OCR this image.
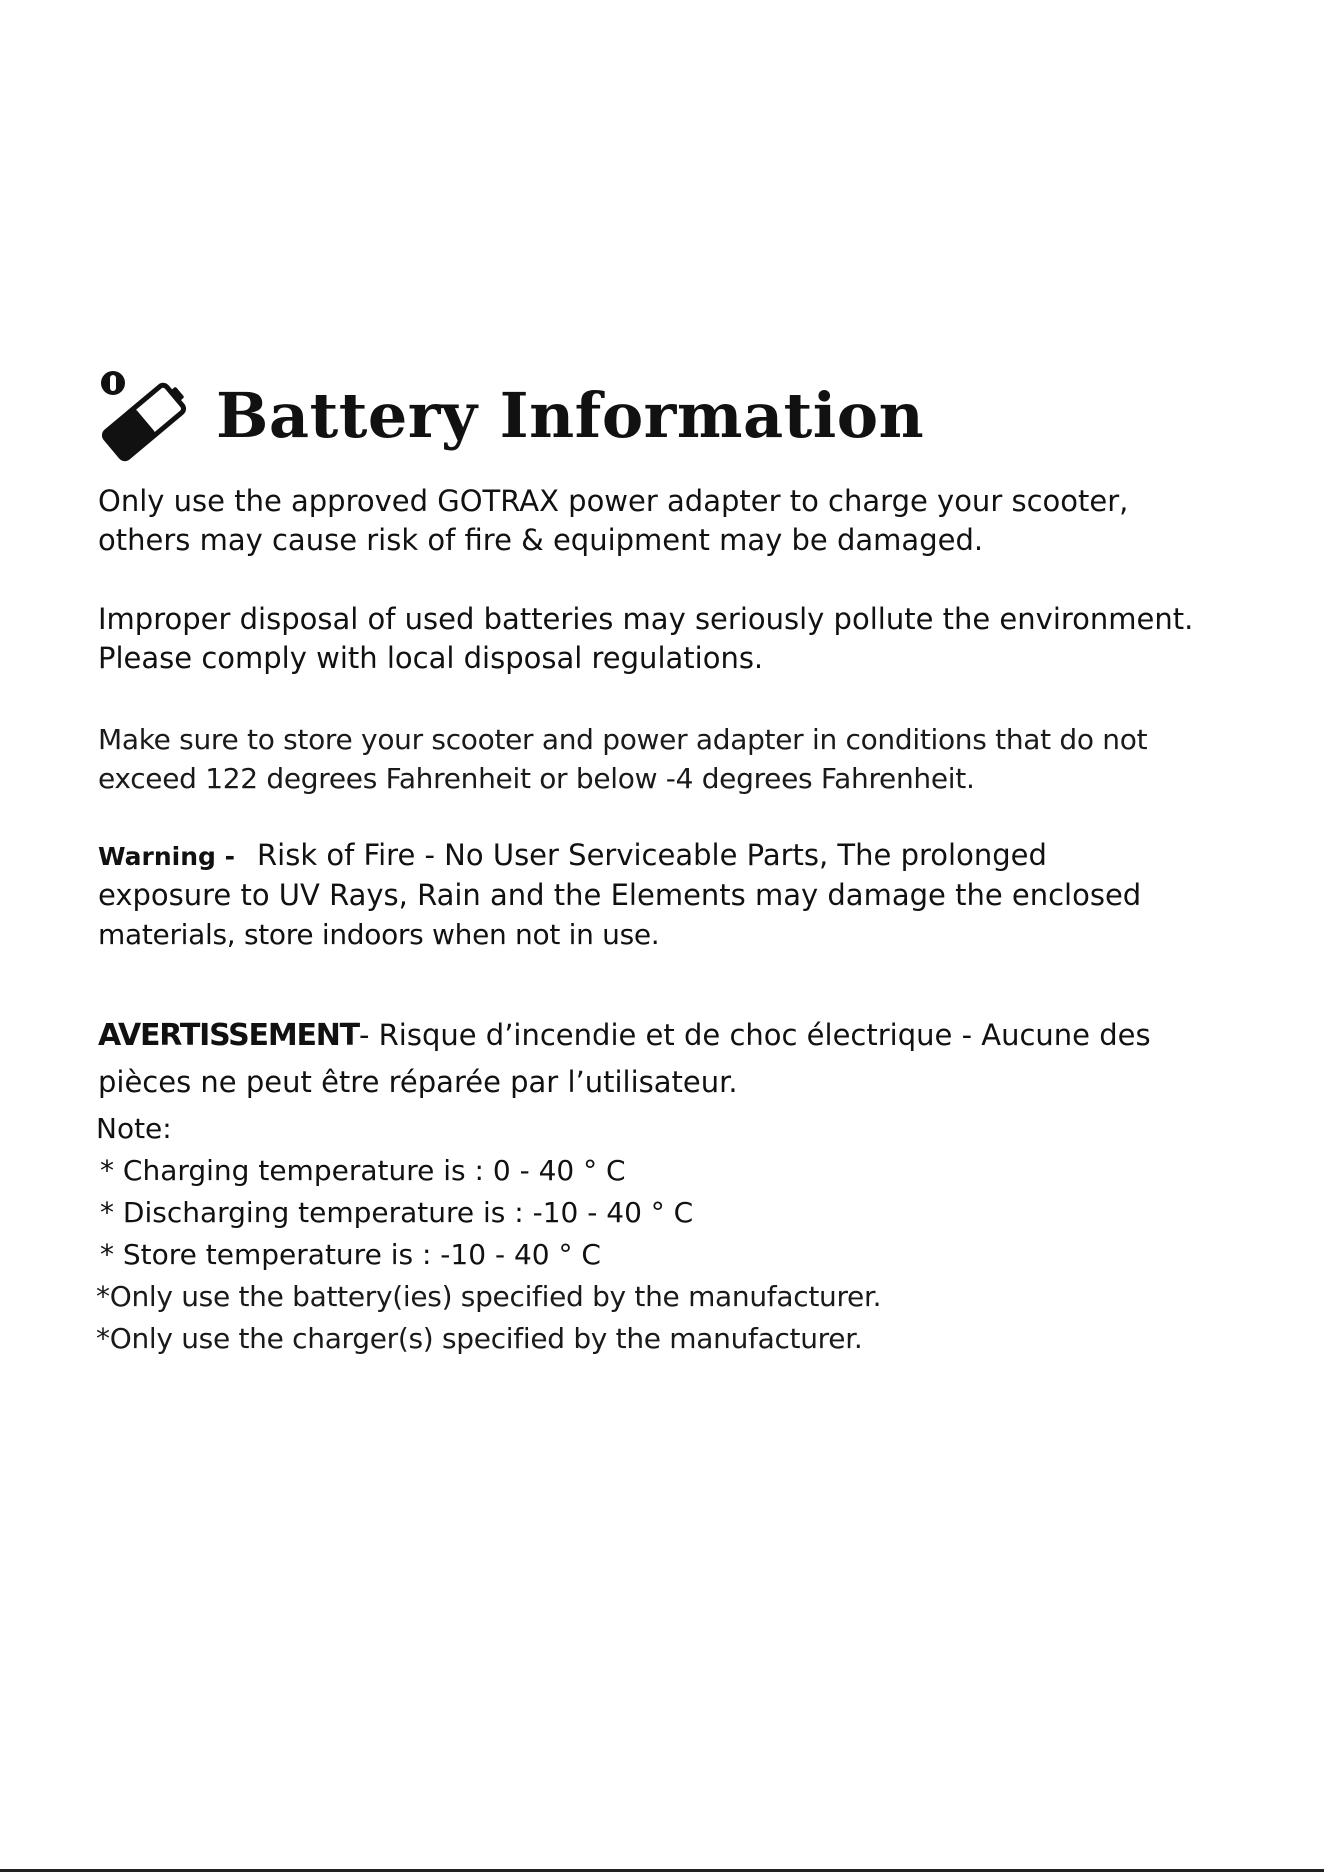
Battery Information

Only use the approved GOTRAX power adapter to charge your scooter,
others may cause risk of fire & equipment may be damaged.

Improper disposal of used batteries may seriously pollute the environment.
Please comply with local disposal regulations.

Make sure to store your scooter and power adapter in conditions that do not
exceed 122 degrees Fahrenheit or below -4 degrees Fahrenheit.

Warning - Risk of Fire - No User Serviceable Parts, The prolonged
exposure to UV Rays, Rain and the Elements may damage the enclosed
materials, store indoors when not in use.

AVERTISSEMENT- Risque d’incendie et de choc électrique - Aucune des
pièces ne peut être réparée par l’utilisateur.

Note:
* Charging temperature is : 0 - 40 ° C
* Discharging temperature is : -10 - 40 ° C
* Store temperature is : -10 - 40 ° C
*Only use the battery(ies) specified by the manufacturer.
*Only use the charger(s) specified by the manufacturer.
